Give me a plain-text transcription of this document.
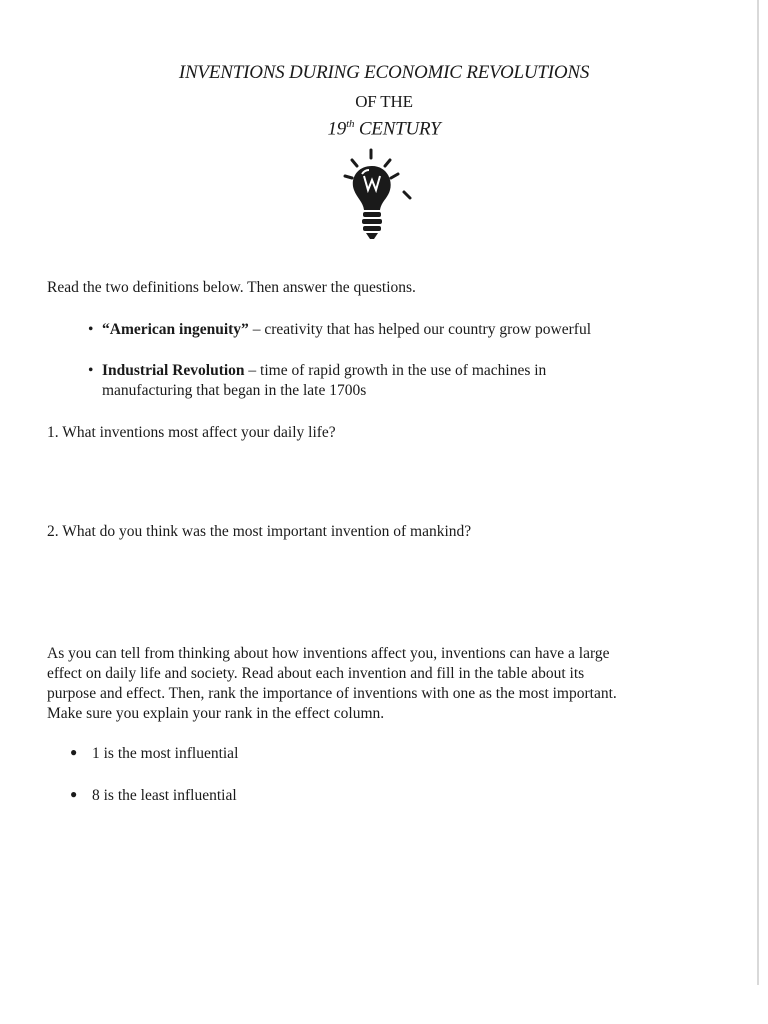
INVENTIONS DURING ECONOMIC REVOLUTIONS
OF THE
19th CENTURY
Read the two definitions below. Then answer the questions.
• “American ingenuity” – creativity that has helped our country grow powerful
• Industrial Revolution – time of rapid growth in the use of machines in
manufacturing that began in the late 1700s
1. What inventions most affect your daily life?
2. What do you think was the most important invention of mankind?
As you can tell from thinking about how inventions affect you, inventions can have a large
effect on daily life and society. Read about each invention and fill in the table about its
purpose and effect. Then, rank the importance of inventions with one as the most important.
Make sure you explain your rank in the effect column.
● 1 is the most influential
● 8 is the least influential
